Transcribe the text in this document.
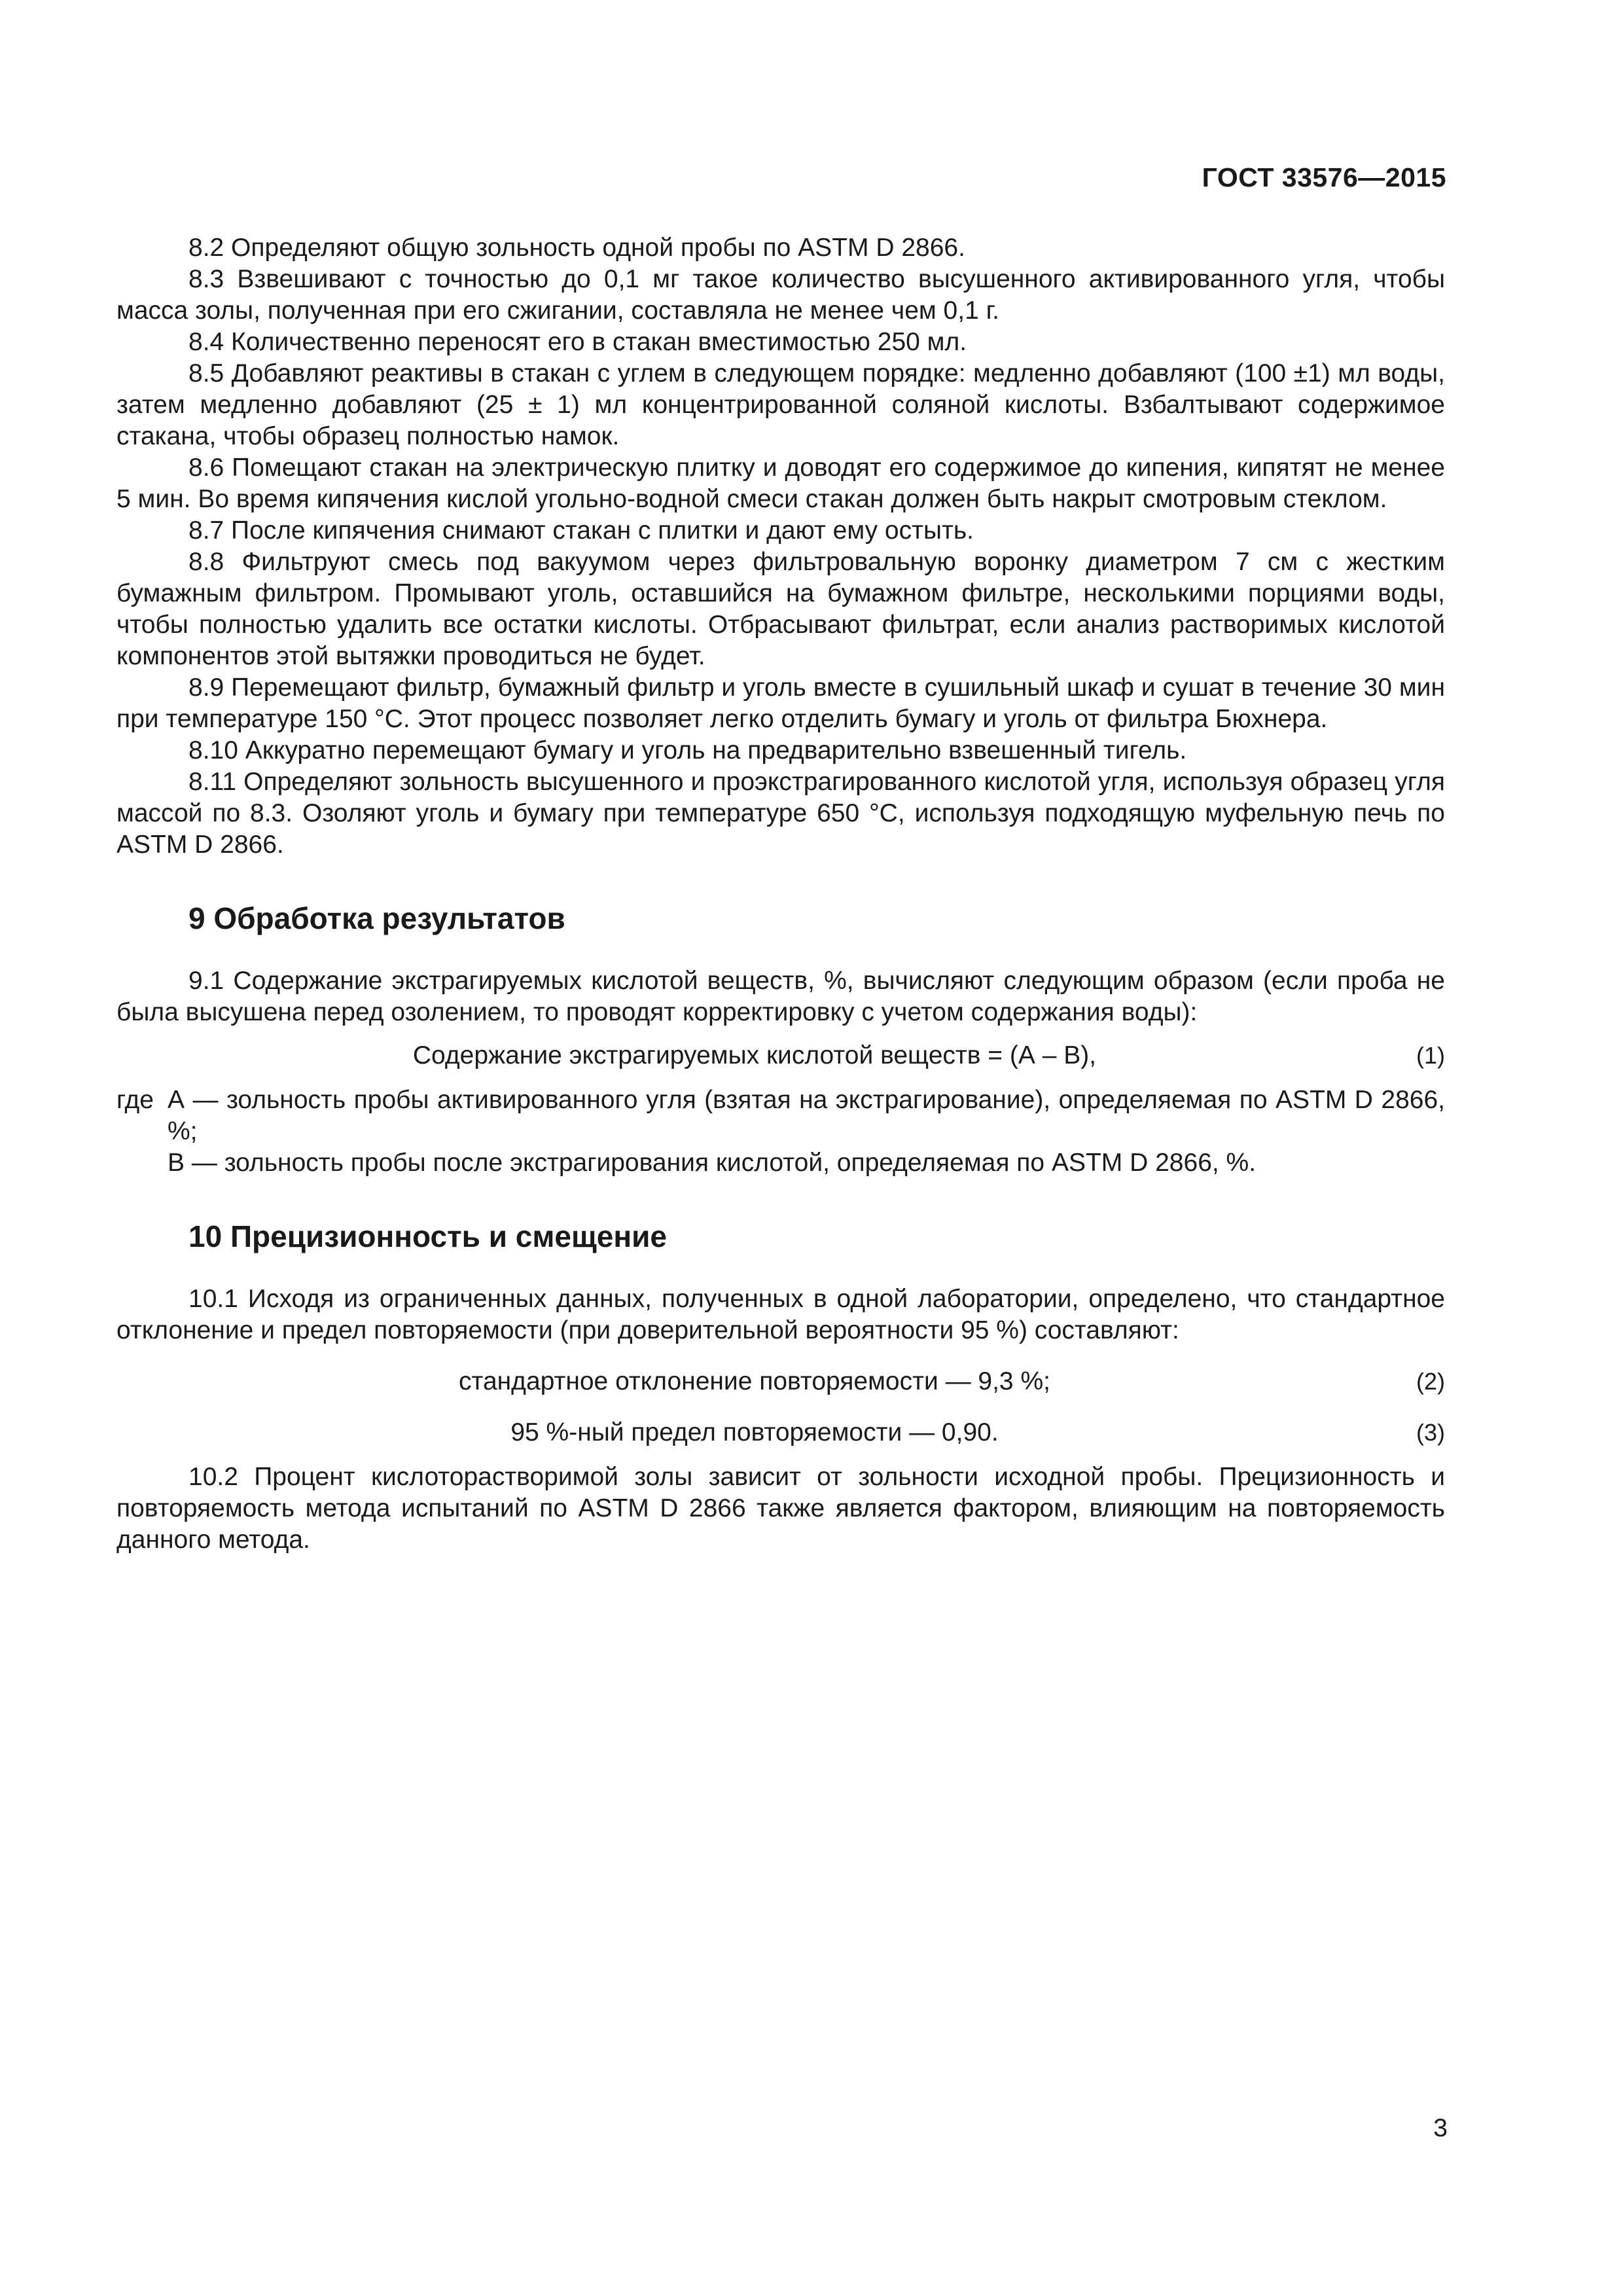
ГОСТ 33576—2015

8.2 Определяют общую зольность одной пробы по ASTM D 2866.

8.3 Взвешивают с точностью до 0,1 мг такое количество высушенного активированного угля, чтобы масса золы, полученная при его сжигании, составляла не менее чем 0,1 г.

8.4 Количественно переносят его в стакан вместимостью 250 мл.

8.5 Добавляют реактивы в стакан с углем в следующем порядке: медленно добавляют (100 ±1) мл воды, затем медленно добавляют (25 ± 1) мл концентрированной соляной кислоты. Взбалтывают содержимое стакана, чтобы образец полностью намок.

8.6 Помещают стакан на электрическую плитку и доводят его содержимое до кипения, кипятят не менее 5 мин. Во время кипячения кислой угольно-водной смеси стакан должен быть накрыт смотровым стеклом.

8.7 После кипячения снимают стакан с плитки и дают ему остыть.

8.8 Фильтруют смесь под вакуумом через фильтровальную воронку диаметром 7 см с жестким бумажным фильтром. Промывают уголь, оставшийся на бумажном фильтре, несколькими порциями воды, чтобы полностью удалить все остатки кислоты. Отбрасывают фильтрат, если анализ растворимых кислотой компонентов этой вытяжки проводиться не будет.

8.9 Перемещают фильтр, бумажный фильтр и уголь вместе в сушильный шкаф и сушат в течение 30 мин при температуре 150 °С. Этот процесс позволяет легко отделить бумагу и уголь от фильтра Бюхнера.

8.10 Аккуратно перемещают бумагу и уголь на предварительно взвешенный тигель.

8.11 Определяют зольность высушенного и проэкстрагированного кислотой угля, используя образец угля массой по 8.3. Озоляют уголь и бумагу при температуре 650 °С, используя подходящую муфельную печь по ASTM D 2866.

9 Обработка результатов

9.1 Содержание экстрагируемых кислотой веществ, %, вычисляют следующим образом (если проба не была высушена перед озолением, то проводят корректировку с учетом содержания воды):

Содержание экстрагируемых кислотой веществ = (А – В),	(1)
где А — зольность пробы активированного угля (взятая на экстрагирование), определяемая по ASTM D 2866, %;
В — зольность пробы после экстрагирования кислотой, определяемая по ASTM D 2866, %.
10 Прецизионность и смещение

10.1 Исходя из ограниченных данных, полученных в одной лаборатории, определено, что стандартное отклонение и предел повторяемости (при доверительной вероятности 95 %) составляют:

стандартное отклонение повторяемости — 9,3 %;	(2)
95 %-ный предел повторяемости — 0,90.	(3)

10.2 Процент кислоторастворимой золы зависит от зольности исходной пробы. Прецизионность и повторяемость метода испытаний по ASTM D 2866 также является фактором, влияющим на повторяемость данного метода.

3
